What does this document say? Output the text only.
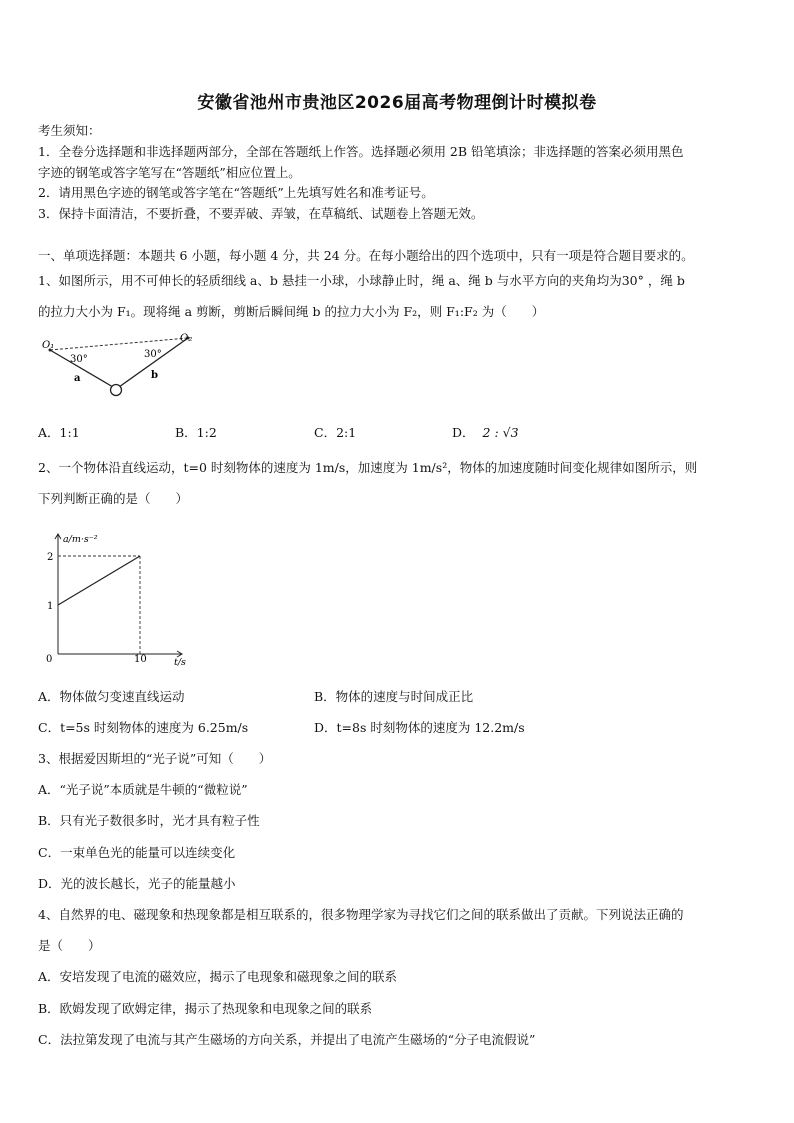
安徽省池州市贵池区2026届高考物理倒计时模拟卷
考生须知：
1．全卷分选择题和非选择题两部分，全部在答题纸上作答。选择题必须用 2B 铅笔填涂；非选择题的答案必须用黑色
字迹的钢笔或答字笔写在“答题纸”相应位置上。
2．请用黑色字迹的钢笔或答字笔在“答题纸”上先填写姓名和准考证号。
3．保持卡面清洁，不要折叠，不要弄破、弄皱，在草稿纸、试题卷上答题无效。
一、单项选择题：本题共 6 小题，每小题 4 分，共 24 分。在每小题给出的四个选项中，只有一项是符合题目要求的。
1、如图所示，用不可伸长的轻质细线 a、b 悬挂一小球，小球静止时，绳 a、绳 b 与水平方向的夹角均为30° ，绳 b
的拉力大小为 F₁。现将绳 a 剪断，剪断后瞬间绳 b 的拉力大小为 F₂，则 F₁:F₂ 为（　　）
O₁
O₂
30°	30°
a	b
A．1:1	B．1:2	C．2:1	D． 2 : √3
2、一个物体沿直线运动，t=0 时刻物体的速度为 1m/s，加速度为 1m/s²，物体的加速度随时间变化规律如图所示，则
下列判断正确的是（　　）
2
1
0	10
a/m·s⁻²
t/s
A．物体做匀变速直线运动	B．物体的速度与时间成正比
C．t=5s 时刻物体的速度为 6.25m/s	D．t=8s 时刻物体的速度为 12.2m/s
3、根据爱因斯坦的“光子说”可知（　　）
A．“光子说”本质就是牛顿的“微粒说”
B．只有光子数很多时，光才具有粒子性
C．一束单色光的能量可以连续变化
D．光的波长越长，光子的能量越小
4、自然界的电、磁现象和热现象都是相互联系的，很多物理学家为寻找它们之间的联系做出了贡献。下列说法正确的
是（　　）
A．安培发现了电流的磁效应，揭示了电现象和磁现象之间的联系
B．欧姆发现了欧姆定律，揭示了热现象和电现象之间的联系
C．法拉第发现了电流与其产生磁场的方向关系，并提出了电流产生磁场的“分子电流假说”
